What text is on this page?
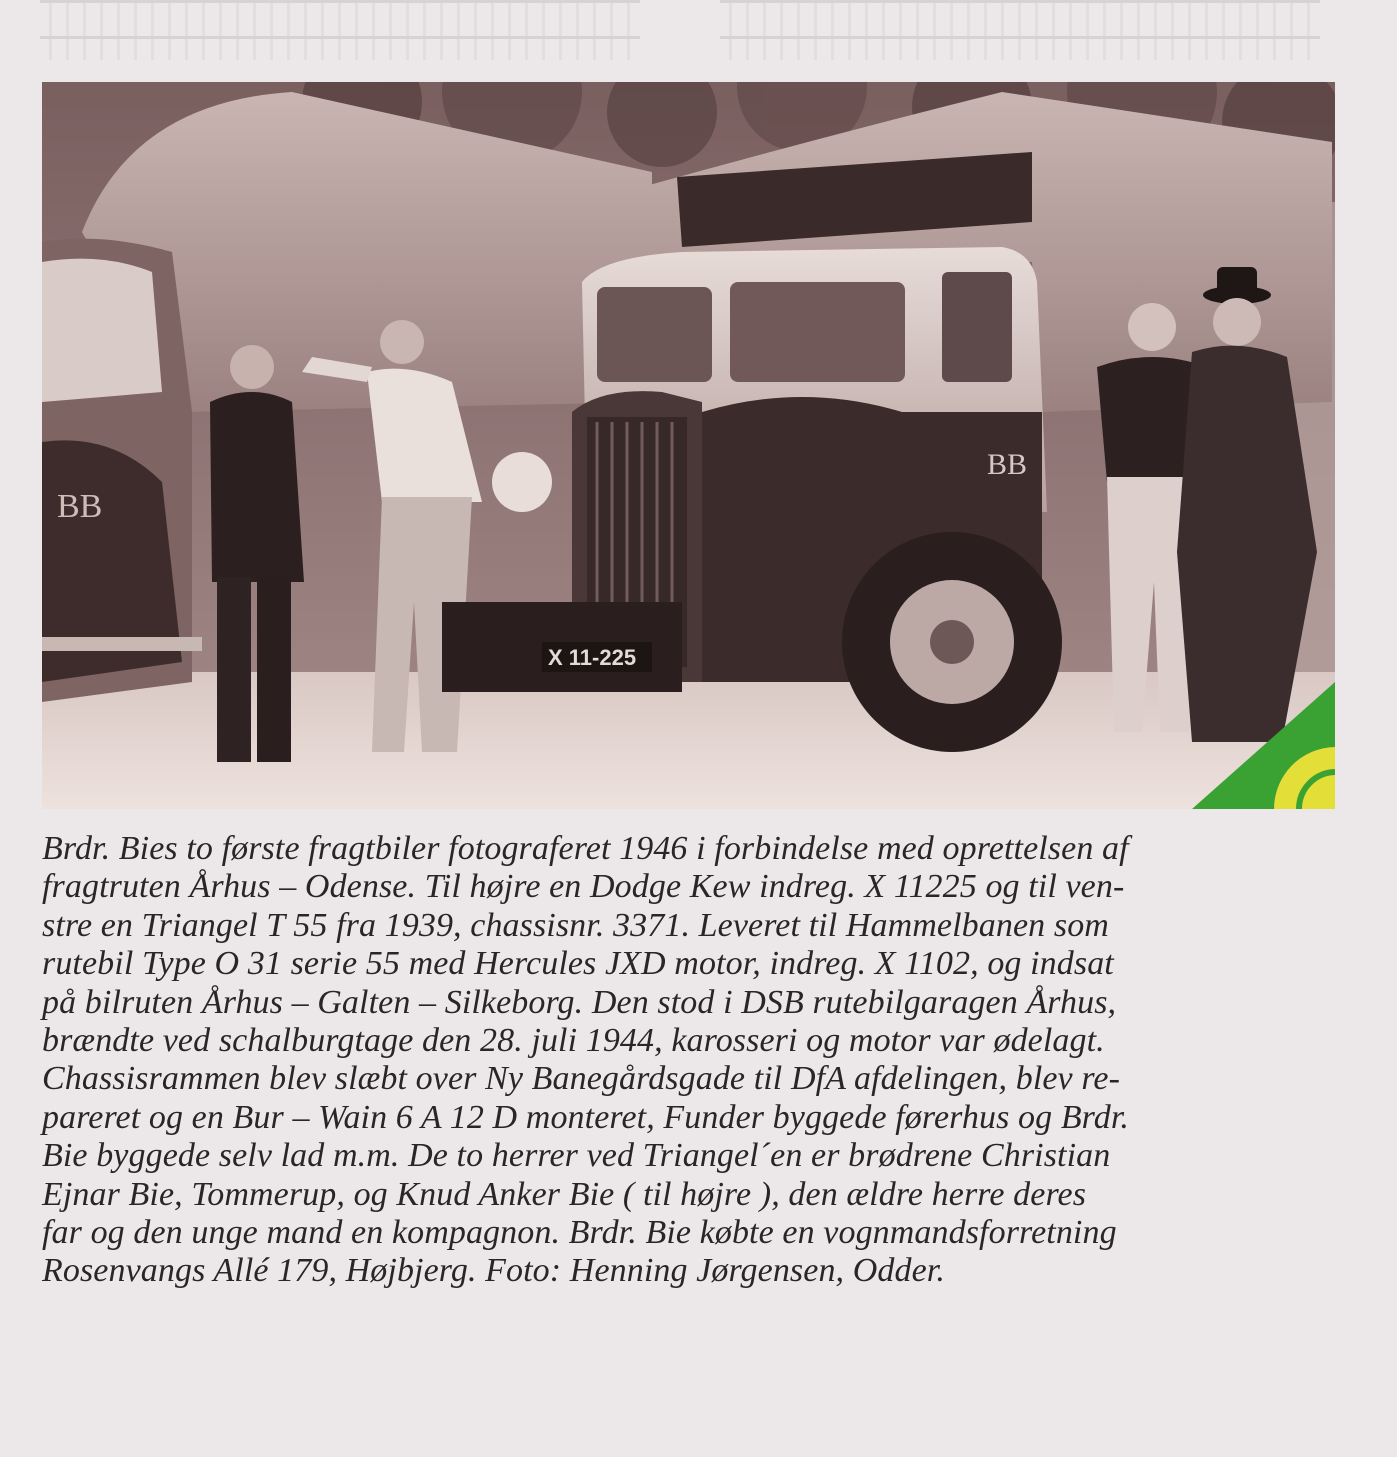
BB
BB
X 11-225
Brdr. Bies to første fragtbiler fotograferet 1946 i forbindelse med oprettelsen af
fragtruten Århus – Odense. Til højre en Dodge Kew indreg. X 11225 og til ven-
stre en Triangel T 55 fra 1939, chassisnr. 3371. Leveret til Hammelbanen som
rutebil Type O 31 serie 55 med Hercules JXD motor, indreg. X 1102, og indsat
på bilruten Århus – Galten – Silkeborg. Den stod i DSB rutebilgaragen Århus,
brændte ved schalburgtage den 28. juli 1944, karosseri og motor var ødelagt.
Chassisrammen blev slæbt over Ny Banegårdsgade til DfA afdelingen, blev re-
pareret og en Bur – Wain 6 A 12 D monteret, Funder byggede førerhus og Brdr.
Bie byggede selv lad m.m. De to herrer ved Triangel´en er brødrene Christian
Ejnar Bie, Tommerup, og Knud Anker Bie ( til højre ), den ældre herre deres
far og den unge mand en kompagnon. Brdr. Bie købte en vognmandsforretning
Rosenvangs Allé 179, Højbjerg. Foto: Henning Jørgensen, Odder.
